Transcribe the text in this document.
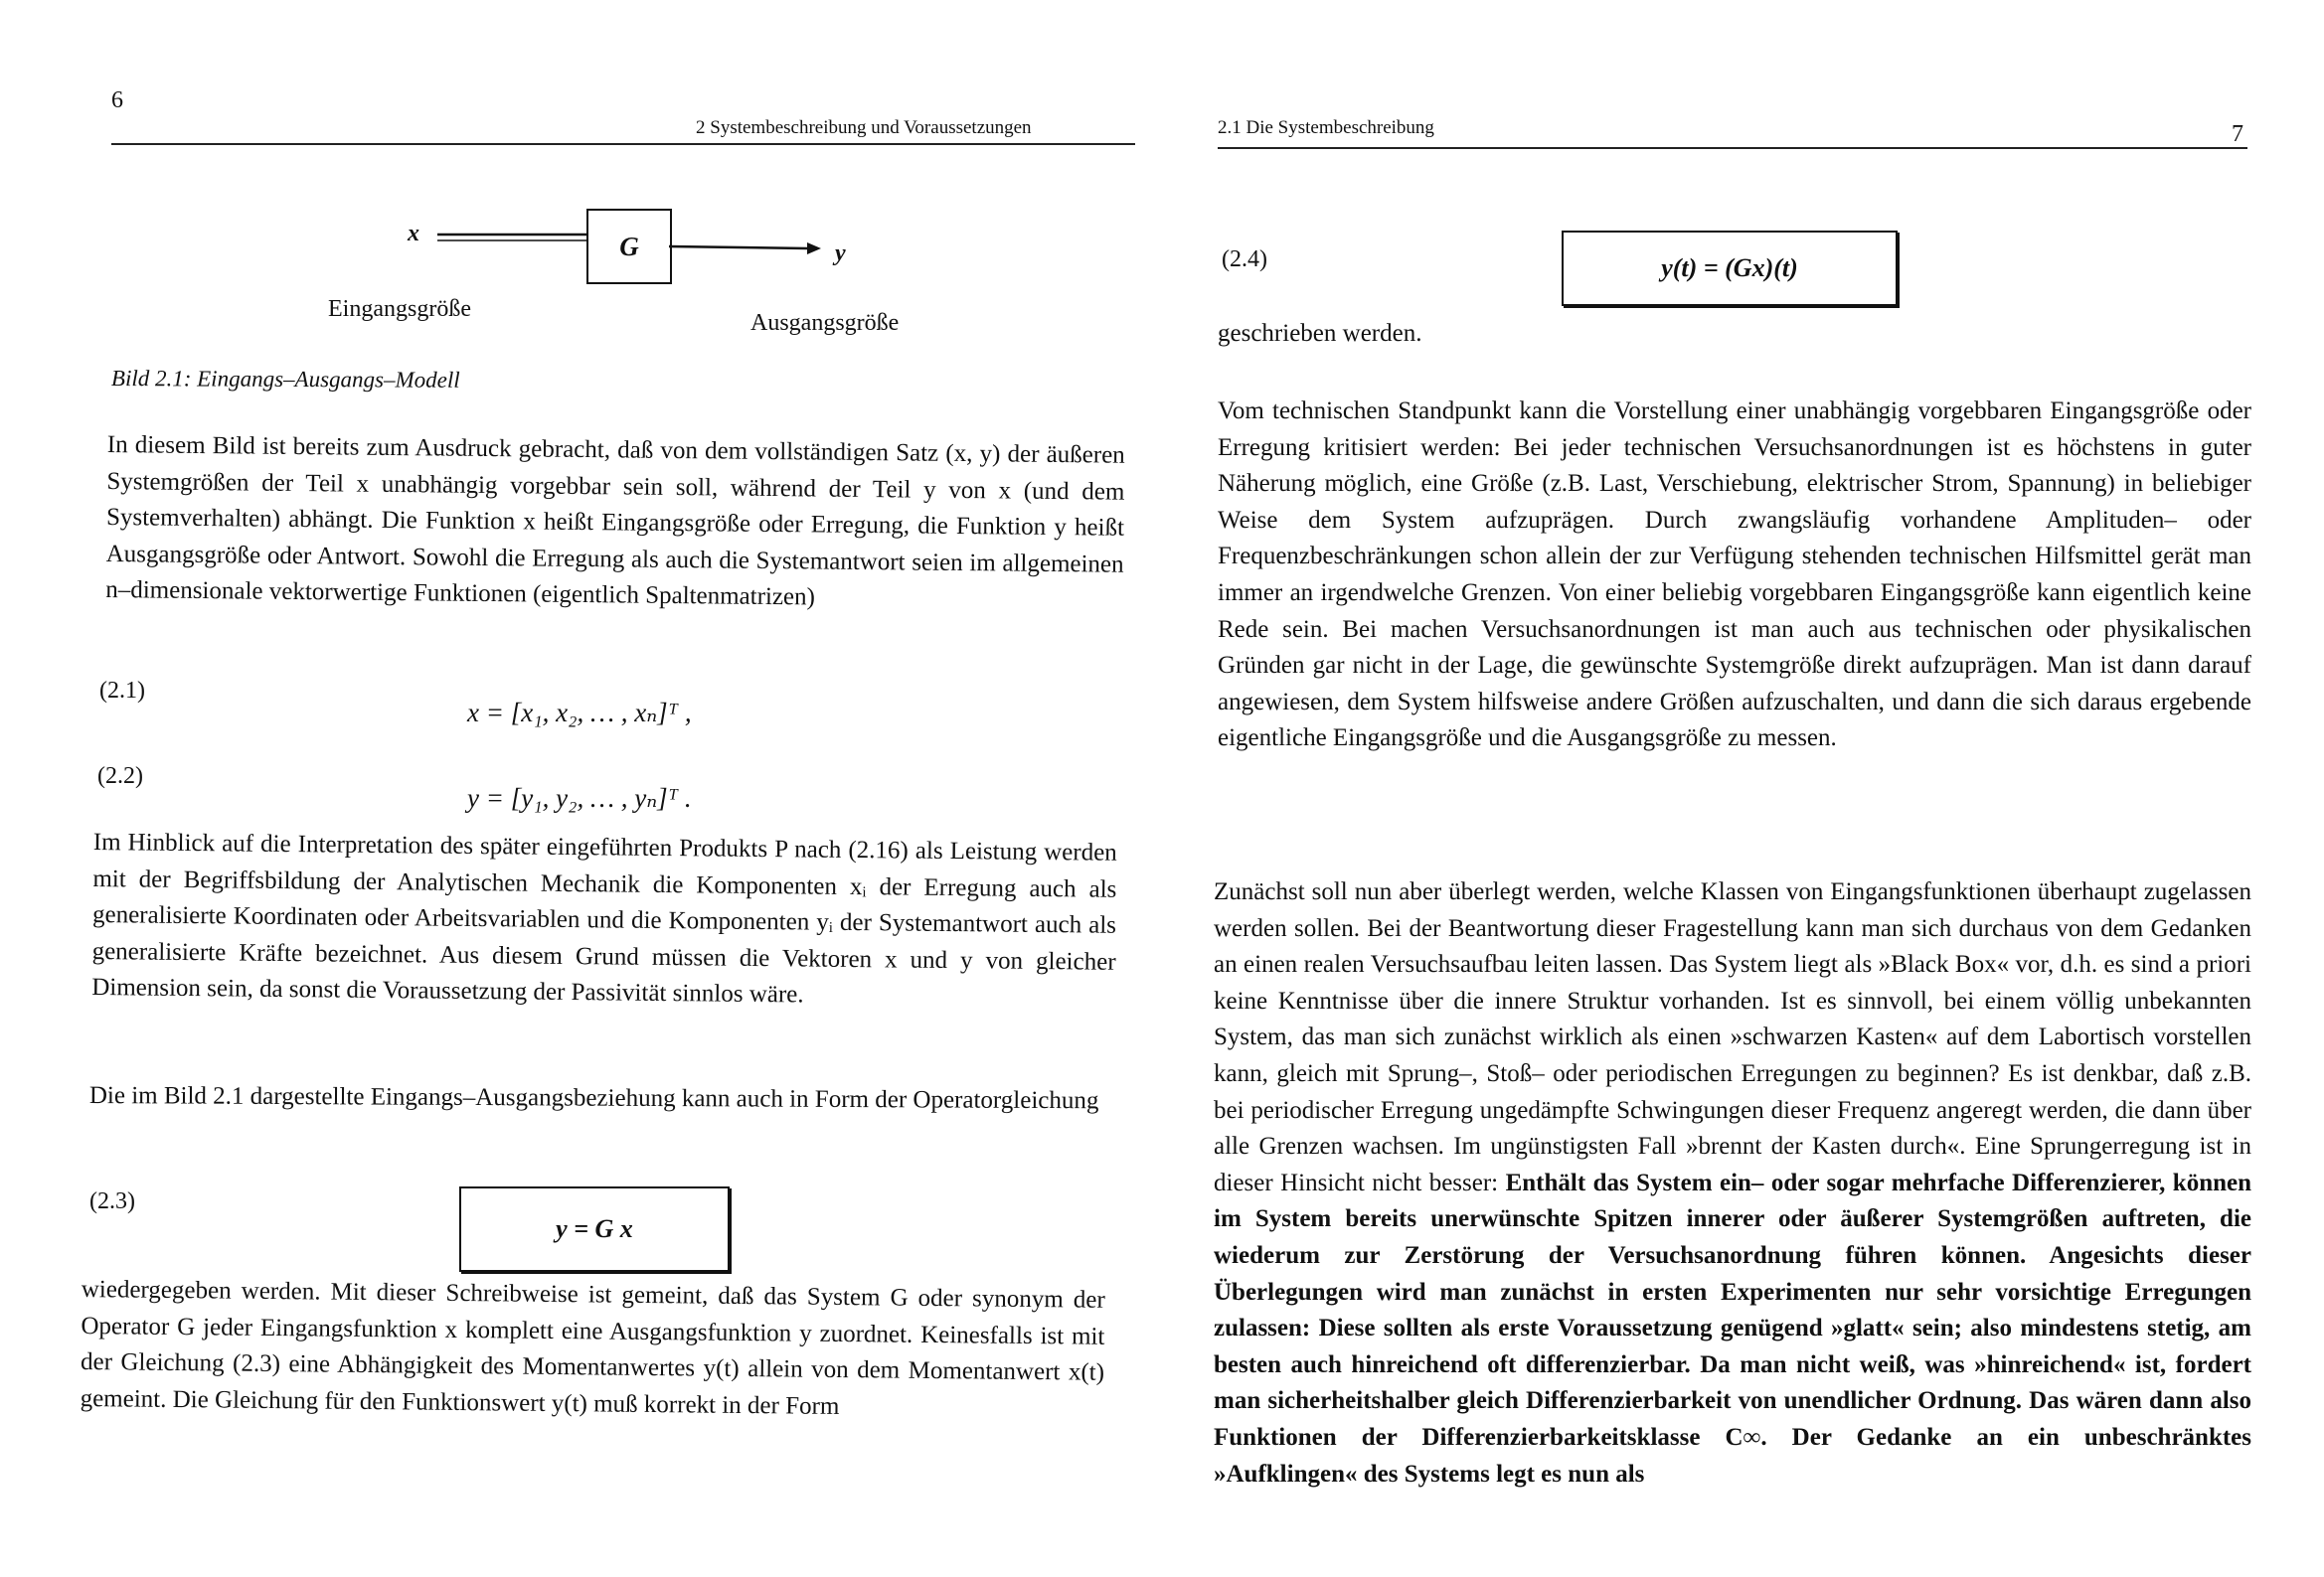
6
2 Systembeschreibung und Voraussetzungen
x	G	y
Eingangsgröße
Ausgangsgröße
Bild 2.1: Eingangs–Ausgangs–Modell
In diesem Bild ist bereits zum Ausdruck gebracht, daß von dem vollständigen Satz (x, y) der äußeren Systemgrößen der Teil x unabhängig vorgebbar sein soll, während der Teil y von x (und dem Systemverhalten) abhängt. Die Funktion x heißt Eingangsgröße oder Erregung, die Funktion y heißt Ausgangsgröße oder Antwort. Sowohl die Erregung als auch die Systemantwort seien im allgemeinen n–dimensionale vektorwertige Funktionen (eigentlich Spaltenmatrizen)
(2.1)
x = [x₁, x₂, … , xₙ]ᵀ ,
(2.2)
y = [y₁, y₂, … , yₙ]ᵀ .
Im Hinblick auf die Interpretation des später eingeführten Produkts P nach (2.16) als Leistung werden mit der Begriffsbildung der Analytischen Mechanik die Komponenten xᵢ der Erregung auch als generalisierte Koordinaten oder Arbeitsvariablen und die Komponenten yᵢ der Systemantwort auch als generalisierte Kräfte bezeichnet. Aus diesem Grund müssen die Vektoren x und y von gleicher Dimension sein, da sonst die Voraussetzung der Passivität sinnlos wäre.
Die im Bild 2.1 dargestellte Eingangs–Ausgangsbeziehung kann auch in Form der Operatorgleichung
(2.3)
y = G x
wiedergegeben werden. Mit dieser Schreibweise ist gemeint, daß das System G oder synonym der Operator G jeder Eingangsfunktion x komplett eine Ausgangsfunktion y zuordnet. Keinesfalls ist mit der Gleichung (2.3) eine Abhängigkeit des Momentanwertes y(t) allein von dem Momentanwert x(t) gemeint. Die Gleichung für den Funktionswert y(t) muß korrekt in der Form
2.1 Die Systembeschreibung	7
(2.4)	y(t) = (Gx)(t)
geschrieben werden.
Vom technischen Standpunkt kann die Vorstellung einer unabhängig vorgebbaren Eingangsgröße oder Erregung kritisiert werden: Bei jeder technischen Versuchsanordnungen ist es höchstens in guter Näherung möglich, eine Größe (z.B. Last, Verschiebung, elektrischer Strom, Spannung) in beliebiger Weise dem System aufzuprägen. Durch zwangsläufig vorhandene Amplituden– oder Frequenzbeschränkungen schon allein der zur Verfügung stehenden technischen Hilfsmittel gerät man immer an irgendwelche Grenzen. Von einer beliebig vorgebbaren Eingangsgröße kann eigentlich keine Rede sein. Bei machen Versuchsanordnungen ist man auch aus technischen oder physikalischen Gründen gar nicht in der Lage, die gewünschte Systemgröße direkt aufzuprägen. Man ist dann darauf angewiesen, dem System hilfsweise andere Größen aufzuschalten, und dann die sich daraus ergebende eigentliche Eingangsgröße und die Ausgangsgröße zu messen.
Zunächst soll nun aber überlegt werden, welche Klassen von Eingangsfunktionen überhaupt zugelassen werden sollen. Bei der Beantwortung dieser Fragestellung kann man sich durchaus von dem Gedanken an einen realen Versuchsaufbau leiten lassen. Das System liegt als »Black Box« vor, d.h. es sind a priori keine Kenntnisse über die innere Struktur vorhanden. Ist es sinnvoll, bei einem völlig unbekannten System, das man sich zunächst wirklich als einen »schwarzen Kasten« auf dem Labortisch vorstellen kann, gleich mit Sprung–, Stoß– oder periodischen Erregungen zu beginnen? Es ist denkbar, daß z.B. bei periodischer Erregung ungedämpfte Schwingungen dieser Frequenz angeregt werden, die dann über alle Grenzen wachsen. Im ungünstigsten Fall »brennt der Kasten durch«. Eine Sprungerregung ist in dieser Hinsicht nicht besser: Enthält das System ein– oder sogar mehrfache Differenzierer, können im System bereits unerwünschte Spitzen innerer oder äußerer Systemgrößen auftreten, die wiederum zur Zerstörung der Versuchsanordnung führen können. Angesichts dieser Überlegungen wird man zunächst in ersten Experimenten nur sehr vorsichtige Erregungen zulassen: Diese sollten als erste Voraussetzung genügend »glatt« sein; also mindestens stetig, am besten auch hinreichend oft differenzierbar. Da man nicht weiß, was »hinreichend« ist, fordert man sicherheitshalber gleich Differenzierbarkeit von unendlicher Ordnung. Das wären dann also Funktionen der Differenzierbarkeitsklasse C∞. Der Gedanke an ein unbeschränktes »Aufklingen« des Systems legt es nun als
